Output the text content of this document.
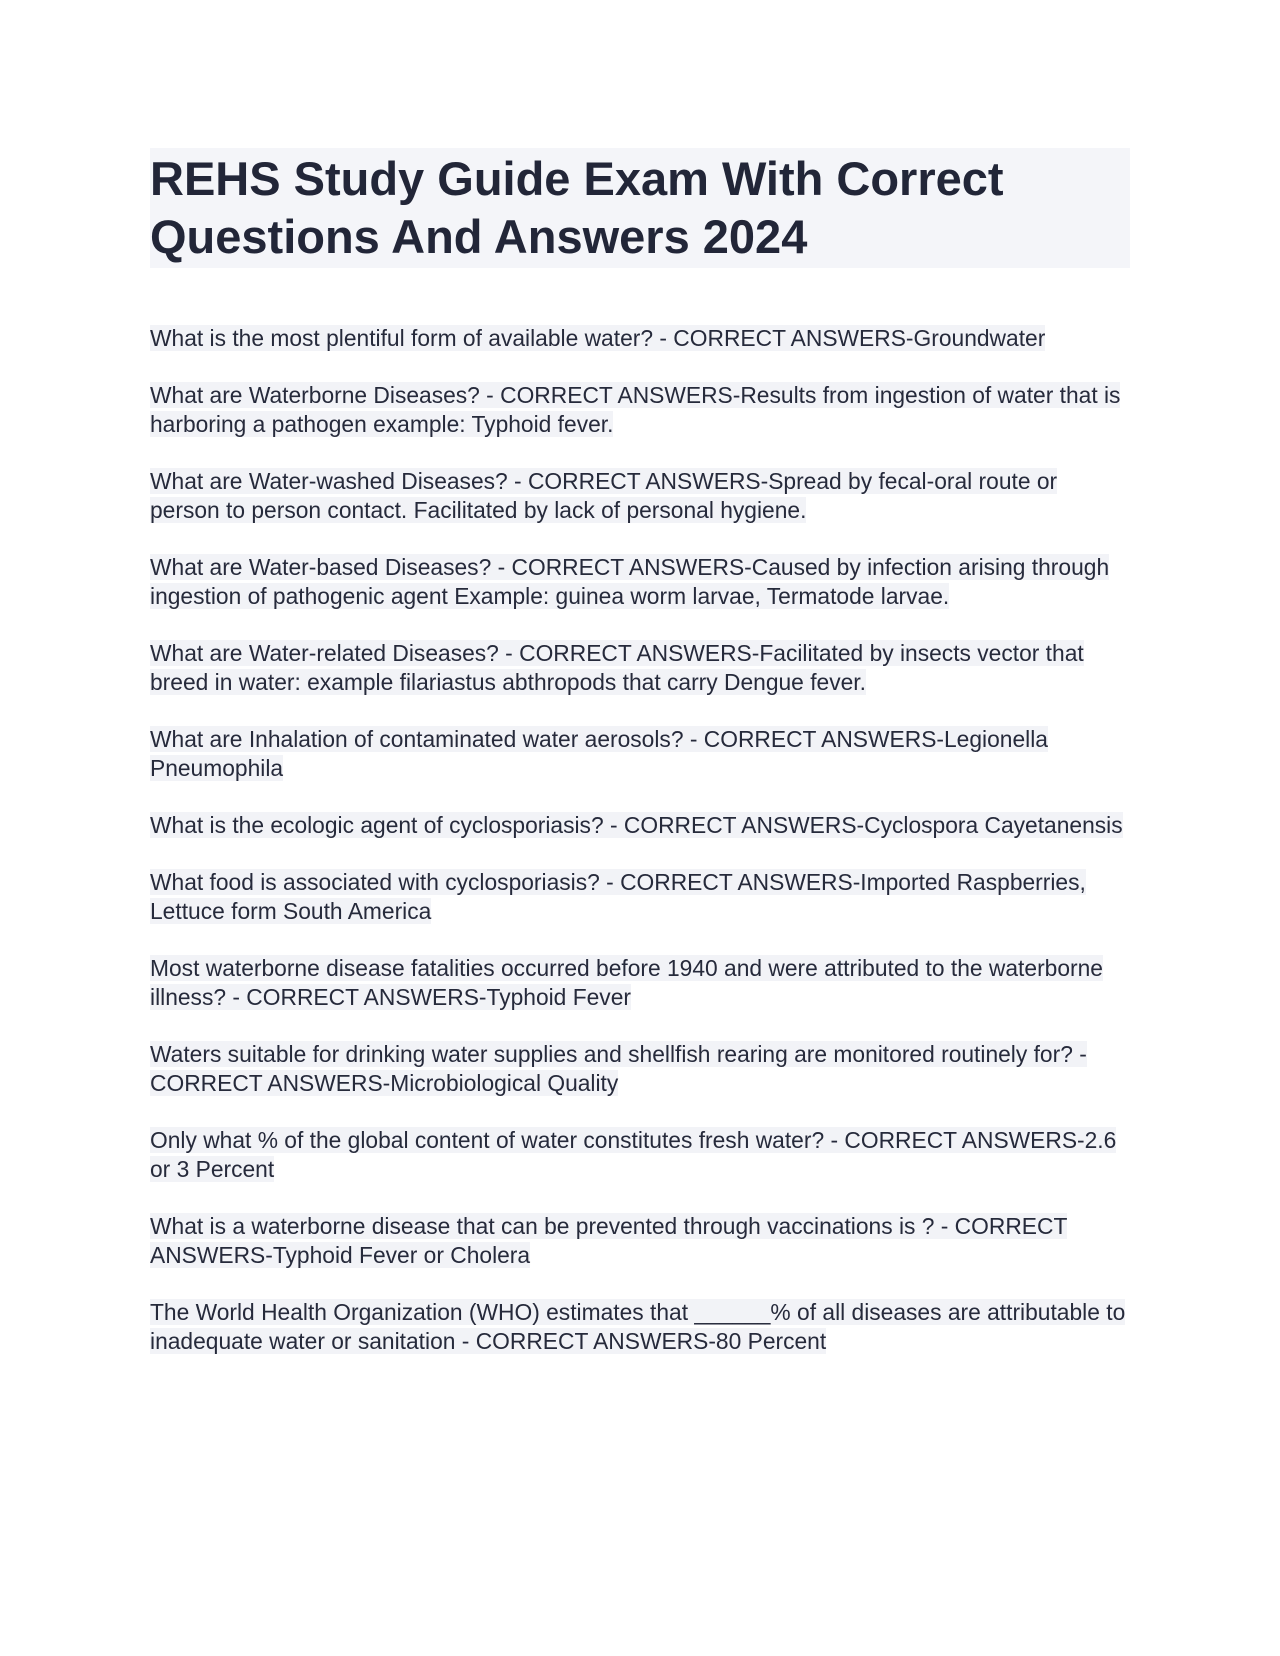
REHS Study Guide Exam With Correct Questions And Answers 2024

What is the most plentiful form of available water? - CORRECT ANSWERS-Groundwater

What are Waterborne Diseases? - CORRECT ANSWERS-Results from ingestion of water that is harboring a pathogen example: Typhoid fever.

What are Water-washed Diseases? - CORRECT ANSWERS-Spread by fecal-oral route or person to person contact. Facilitated by lack of personal hygiene.

What are Water-based Diseases? - CORRECT ANSWERS-Caused by infection arising through ingestion of pathogenic agent Example: guinea worm larvae, Termatode larvae.

What are Water-related Diseases? - CORRECT ANSWERS-Facilitated by insects vector that breed in water: example filariastus abthropods that carry Dengue fever.

What are Inhalation of contaminated water aerosols? - CORRECT ANSWERS-Legionella Pneumophila

What is the ecologic agent of cyclosporiasis? - CORRECT ANSWERS-Cyclospora Cayetanensis

What food is associated with cyclosporiasis? - CORRECT ANSWERS-Imported Raspberries, Lettuce form South America

Most waterborne disease fatalities occurred before 1940 and were attributed to the waterborne illness? - CORRECT ANSWERS-Typhoid Fever

Waters suitable for drinking water supplies and shellfish rearing are monitored routinely for? - CORRECT ANSWERS-Microbiological Quality

Only what % of the global content of water constitutes fresh water? - CORRECT ANSWERS-2.6 or 3 Percent

What is a waterborne disease that can be prevented through vaccinations is ? - CORRECT ANSWERS-Typhoid Fever or Cholera

The World Health Organization (WHO) estimates that ______% of all diseases are attributable to inadequate water or sanitation - CORRECT ANSWERS-80 Percent
